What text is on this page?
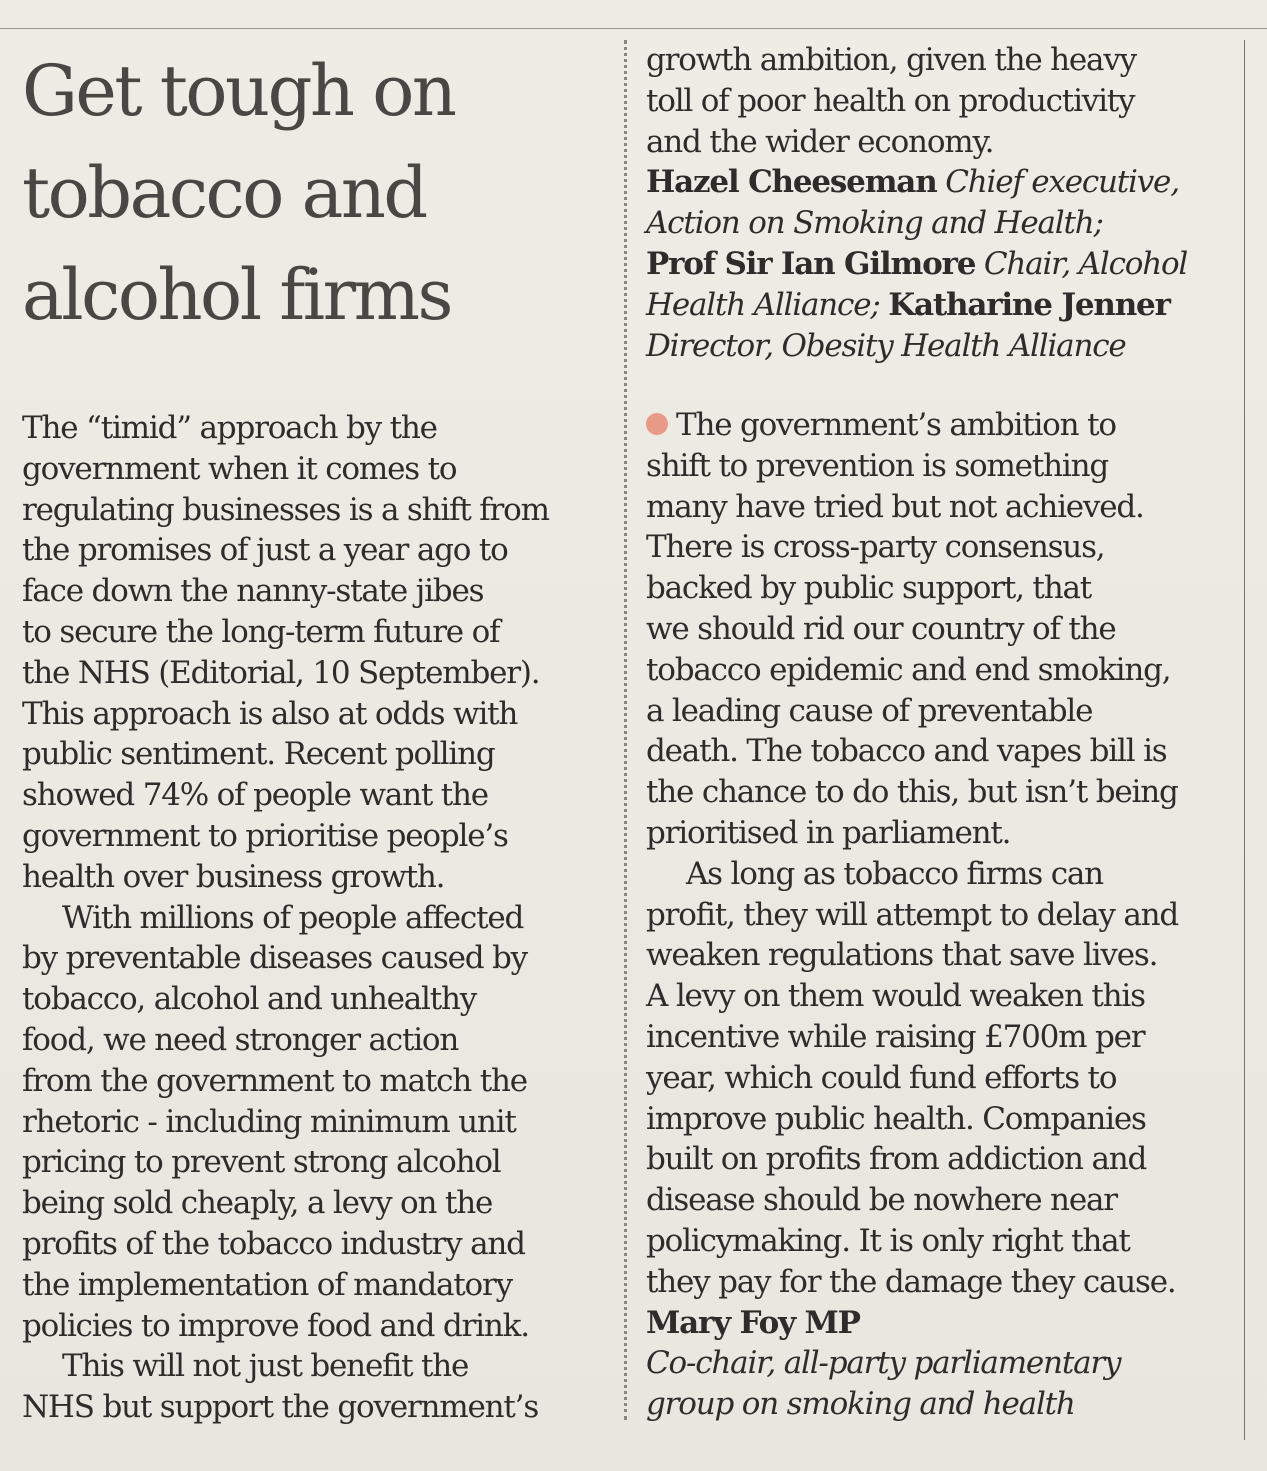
Get tough on
tobacco and
alcohol firms

The “timid” approach by the
government when it comes to
regulating businesses is a shift from
the promises of just a year ago to
face down the nanny-state jibes
to secure the long-term future of
the NHS (Editorial, 10 September).
This approach is also at odds with
public sentiment. Recent polling
showed 74% of people want the
government to prioritise people’s
health over business growth.

With millions of people affected
by preventable diseases caused by
tobacco, alcohol and unhealthy
food, we need stronger action
from the government to match the
rhetoric - including minimum unit
pricing to prevent strong alcohol
being sold cheaply, a levy on the
profits of the tobacco industry and
the implementation of mandatory
policies to improve food and drink.

This will not just benefit the
NHS but support the government’s

growth ambition, given the heavy
toll of poor health on productivity
and the wider economy.
Hazel Cheeseman Chief executive,
Action on Smoking and Health;
Prof Sir Ian Gilmore Chair, Alcohol
Health Alliance; Katharine Jenner
Director, Obesity Health Alliance

The government’s ambition to
shift to prevention is something
many have tried but not achieved.
There is cross-party consensus,
backed by public support, that
we should rid our country of the
tobacco epidemic and end smoking,
a leading cause of preventable
death. The tobacco and vapes bill is
the chance to do this, but isn’t being
prioritised in parliament.

As long as tobacco firms can
profit, they will attempt to delay and
weaken regulations that save lives.
A levy on them would weaken this
incentive while raising £700m per
year, which could fund efforts to
improve public health. Companies
built on profits from addiction and
disease should be nowhere near
policymaking. It is only right that
they pay for the damage they cause.

Mary Foy MP
Co-chair, all-party parliamentary
group on smoking and health
